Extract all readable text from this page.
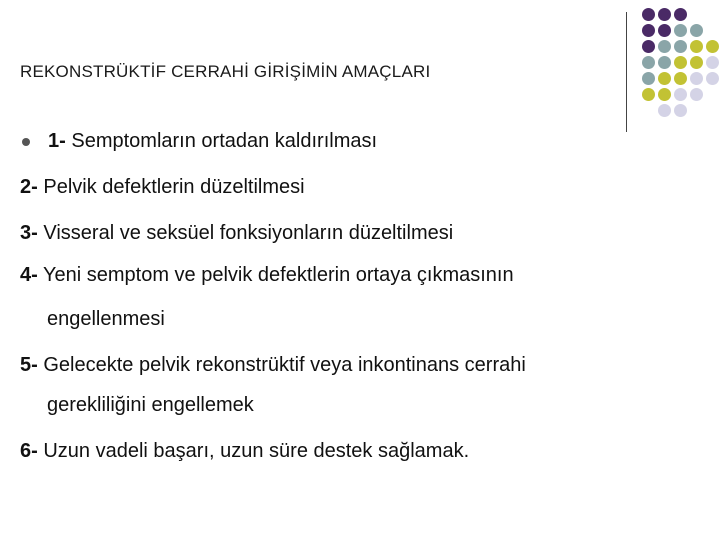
REKONSTRÜKTİF CERRAHİ GİRİŞİMİN AMAÇLARI
1- Semptomların ortadan kaldırılması
2- Pelvik defektlerin düzeltilmesi
3- Visseral ve seksüel fonksiyonların düzeltilmesi
4- Yeni semptom ve pelvik defektlerin ortaya çıkmasının
engellenmesi
5- Gelecekte pelvik rekonstrüktif veya inkontinans cerrahi
gerekliliğini engellemek
6- Uzun vadeli başarı, uzun süre destek sağlamak.
